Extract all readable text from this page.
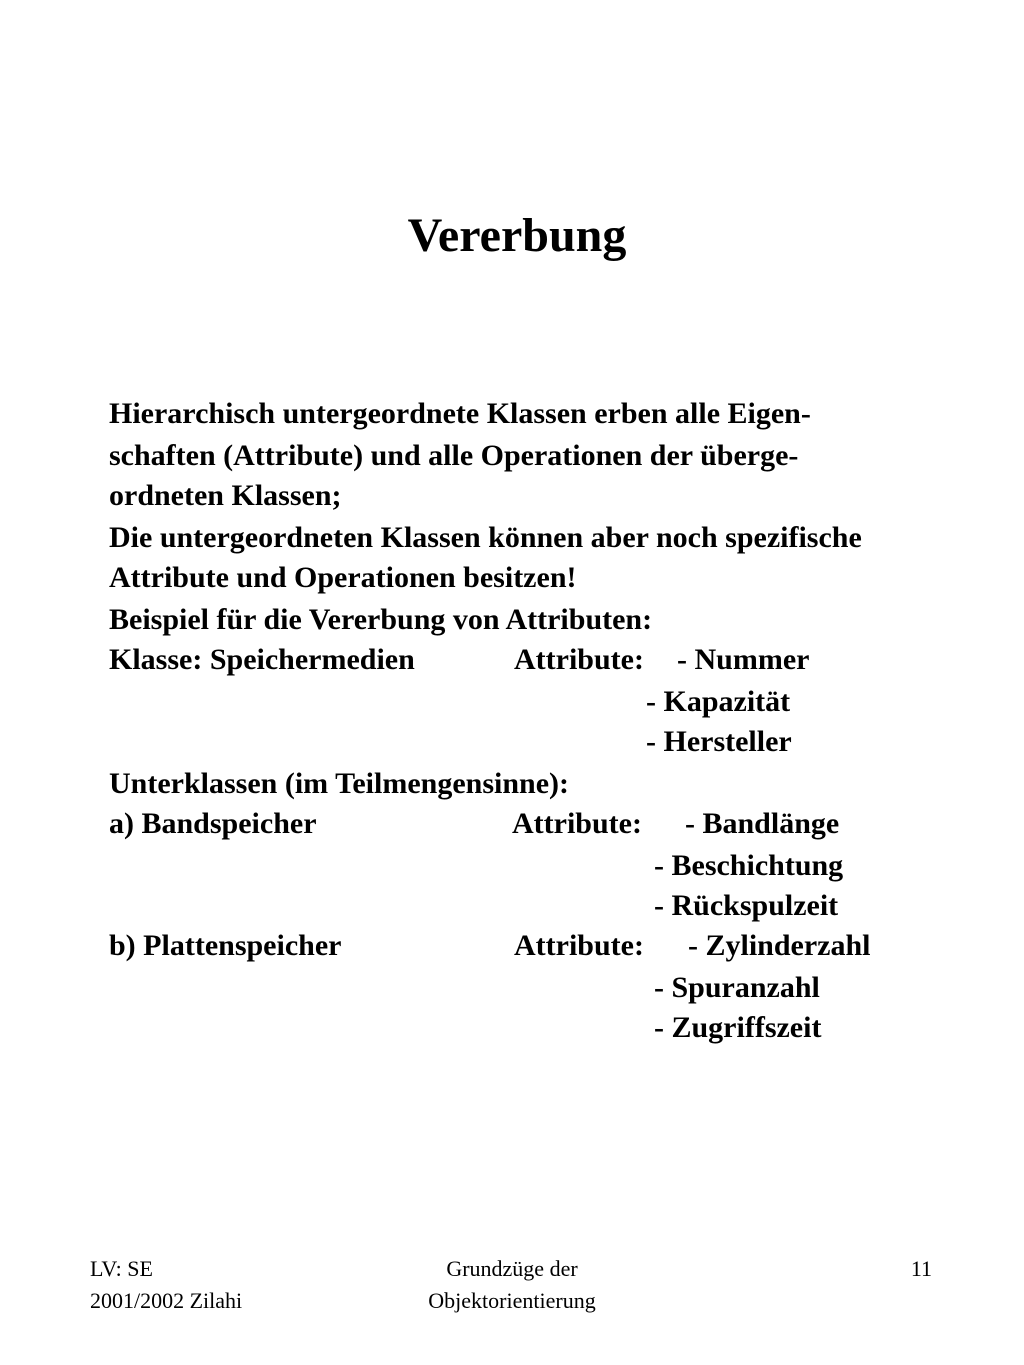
Vererbung
Hierarchisch untergeordnete Klassen erben alle Eigen-
schaften (Attribute) und alle Operationen der überge-
ordneten Klassen;
Die untergeordneten Klassen können aber noch spezifische
Attribute und Operationen besitzen!
Beispiel für die Vererbung von Attributen:
Klasse: Speichermedien	Attribute: - Nummer
- Kapazität
- Hersteller
Unterklassen (im Teilmengensinne):
a) Bandspeicher	Attribute: - Bandlänge
- Beschichtung
- Rückspulzeit
b) Plattenspeicher	Attribute: - Zylinderzahl
- Spuranzahl
- Zugriffszeit
LV: SE
2001/2002 Zilahi
Grundzüge der
Objektorientierung
11
